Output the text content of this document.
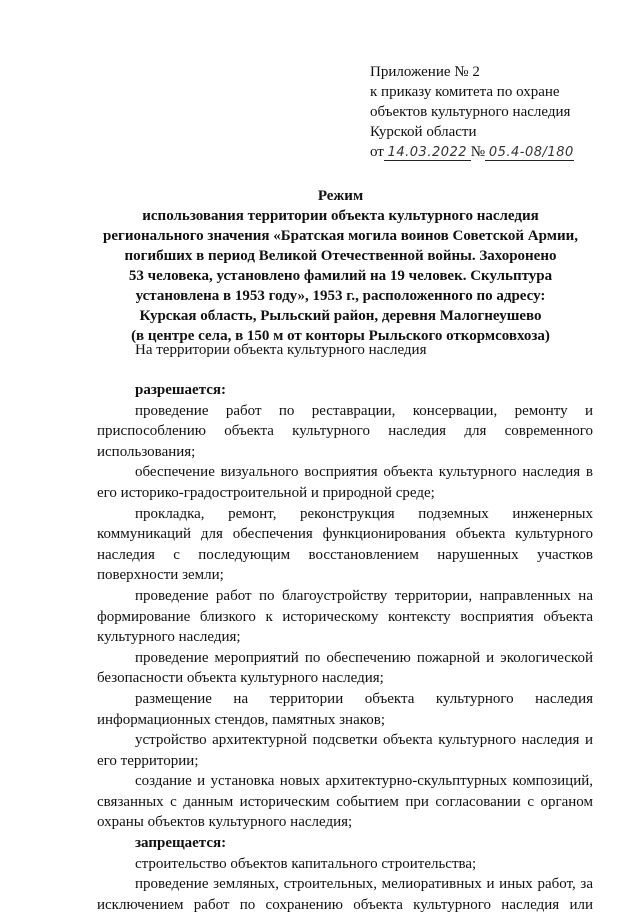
Приложение № 2
к приказу комитета по охране
объектов культурного наследия
Курской области
от 14.03.2022 № 05.4-08/180
Режим
использования территории объекта культурного наследия
регионального значения «Братская могила воинов Советской Армии,
погибших в период Великой Отечественной войны. Захоронено
53 человека, установлено фамилий на 19 человек. Скульптура
установлена в 1953 году», 1953 г., расположенного по адресу:
Курская область, Рыльский район, деревня Малогнеушево
(в центре села, в 150 м от конторы Рыльского откормсовхоза)
На территории объекта культурного наследия
разрешается:

проведение работ по реставрации, консервации, ремонту и приспособлению объекта культурного наследия для современного использования;

обеспечение визуального восприятия объекта культурного наследия в его историко-градостроительной и природной среде;

прокладка, ремонт, реконструкция подземных инженерных коммуникаций для обеспечения функционирования объекта культурного наследия с последующим восстановлением нарушенных участков поверхности земли;

проведение работ по благоустройству территории, направленных на формирование близкого к историческому контексту восприятия объекта культурного наследия;

проведение мероприятий по обеспечению пожарной и экологической безопасности объекта культурного наследия;

размещение на территории объекта культурного наследия информационных стендов, памятных знаков;

устройство архитектурной подсветки объекта культурного наследия и его территории;

создание и установка новых архитектурно-скульптурных композиций, связанных с данным историческим событием при согласовании с органом охраны объектов культурного наследия;

запрещается:

строительство объектов капитального строительства;

проведение земляных, строительных, мелиоративных и иных работ, за исключением работ по сохранению объекта культурного наследия или
